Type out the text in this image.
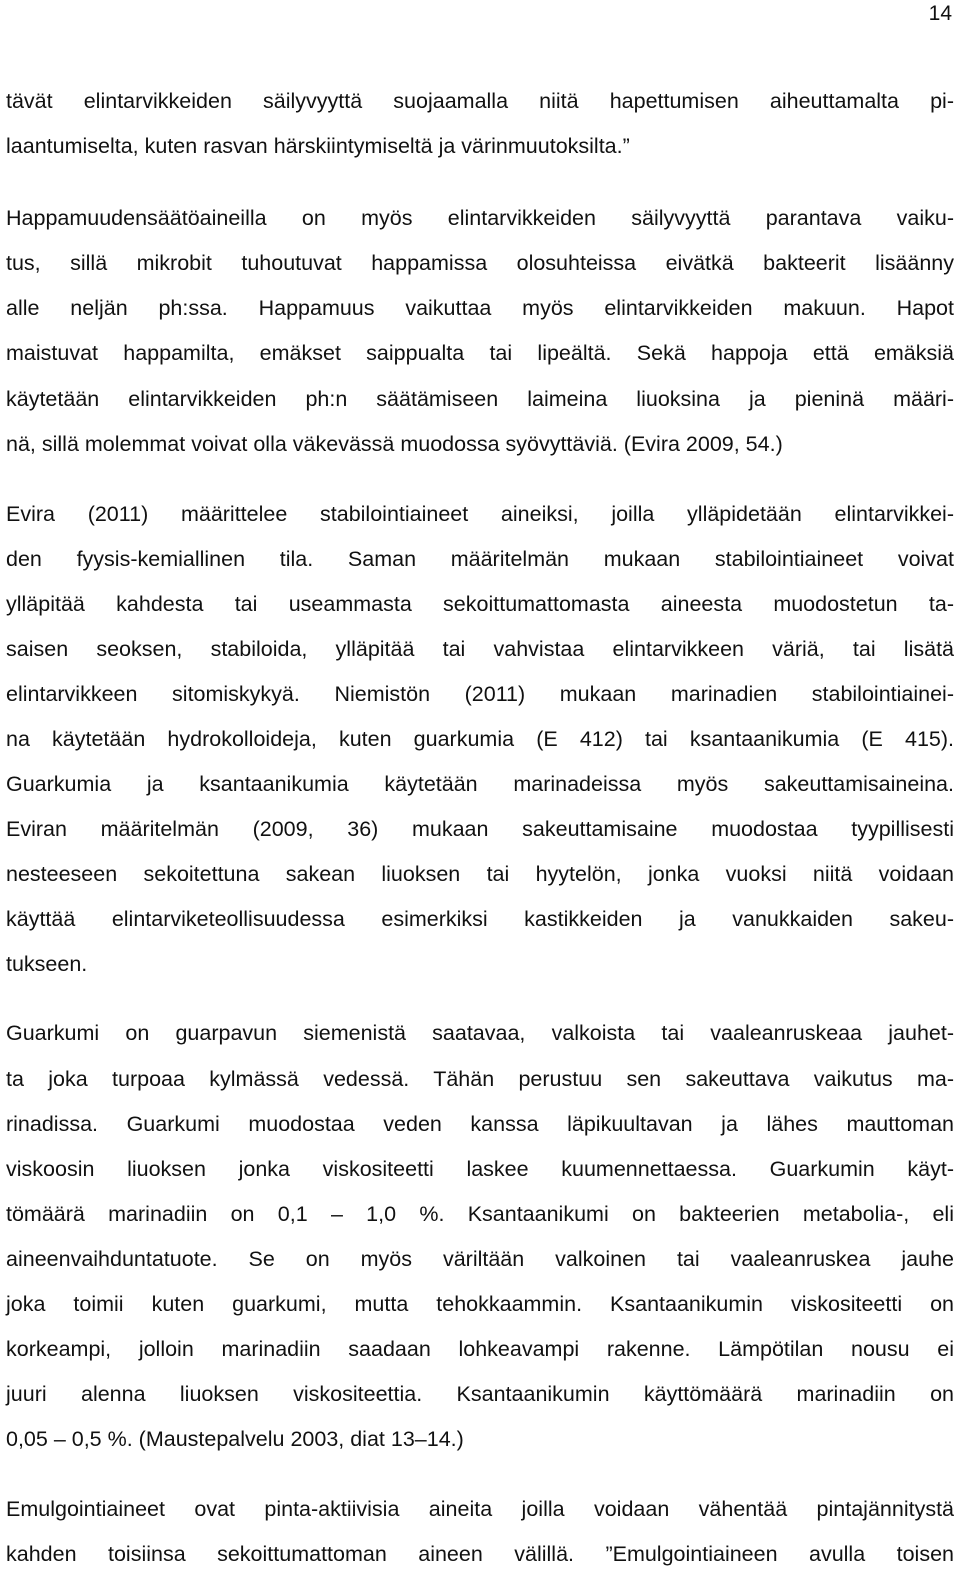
14
tävät elintarvikkeiden säilyvyyttä suojaamalla niitä hapettumisen aiheuttamalta pi-
laantumiselta, kuten rasvan härskiintymiseltä ja värinmuutoksilta.”
Happamuudensäätöaineilla on myös elintarvikkeiden säilyvyyttä parantava vaiku-
tus, sillä mikrobit tuhoutuvat happamissa olosuhteissa eivätkä bakteerit lisäänny
alle neljän ph:ssa. Happamuus vaikuttaa myös elintarvikkeiden makuun. Hapot
maistuvat happamilta, emäkset saippualta tai lipeältä. Sekä happoja että emäksiä
käytetään elintarvikkeiden ph:n säätämiseen laimeina liuoksina ja pieninä määri-
nä, sillä molemmat voivat olla väkevässä muodossa syövyttäviä. (Evira 2009, 54.)
Evira (2011) määrittelee stabilointiaineet aineiksi, joilla ylläpidetään elintarvikkei-
den fyysis-kemiallinen tila. Saman määritelmän mukaan stabilointiaineet voivat
ylläpitää kahdesta tai useammasta sekoittumattomasta aineesta muodostetun ta-
saisen seoksen, stabiloida, ylläpitää tai vahvistaa elintarvikkeen väriä, tai lisätä
elintarvikkeen sitomiskykyä. Niemistön (2011) mukaan marinadien stabilointiainei-
na käytetään hydrokolloideja, kuten guarkumia (E 412) tai ksantaanikumia (E 415).
Guarkumia ja ksantaanikumia käytetään marinadeissa myös sakeuttamisaineina.
Eviran määritelmän (2009, 36) mukaan sakeuttamisaine muodostaa tyypillisesti
nesteeseen sekoitettuna sakean liuoksen tai hyytelön, jonka vuoksi niitä voidaan
käyttää elintarviketeollisuudessa esimerkiksi kastikkeiden ja vanukkaiden sakeu-
tukseen.
Guarkumi on guarpavun siemenistä saatavaa, valkoista tai vaaleanruskeaa jauhet-
ta joka turpoaa kylmässä vedessä. Tähän perustuu sen sakeuttava vaikutus ma-
rinadissa. Guarkumi muodostaa veden kanssa läpikuultavan ja lähes mauttoman
viskoosin liuoksen jonka viskositeetti laskee kuumennettaessa. Guarkumin käyt-
tömäärä marinadiin on 0,1 – 1,0 %. Ksantaanikumi on bakteerien metabolia-, eli
aineenvaihduntatuote. Se on myös väriltään valkoinen tai vaaleanruskea jauhe
joka toimii kuten guarkumi, mutta tehokkaammin. Ksantaanikumin viskositeetti on
korkeampi, jolloin marinadiin saadaan lohkeavampi rakenne. Lämpötilan nousu ei
juuri alenna liuoksen viskositeettia. Ksantaanikumin käyttömäärä marinadiin on
0,05 – 0,5 %. (Maustepalvelu 2003, diat 13–14.)
Emulgointiaineet ovat pinta-aktiivisia aineita joilla voidaan vähentää pintajännitystä
kahden toisiinsa sekoittumattoman aineen välillä. ”Emulgointiaineen avulla toisen
